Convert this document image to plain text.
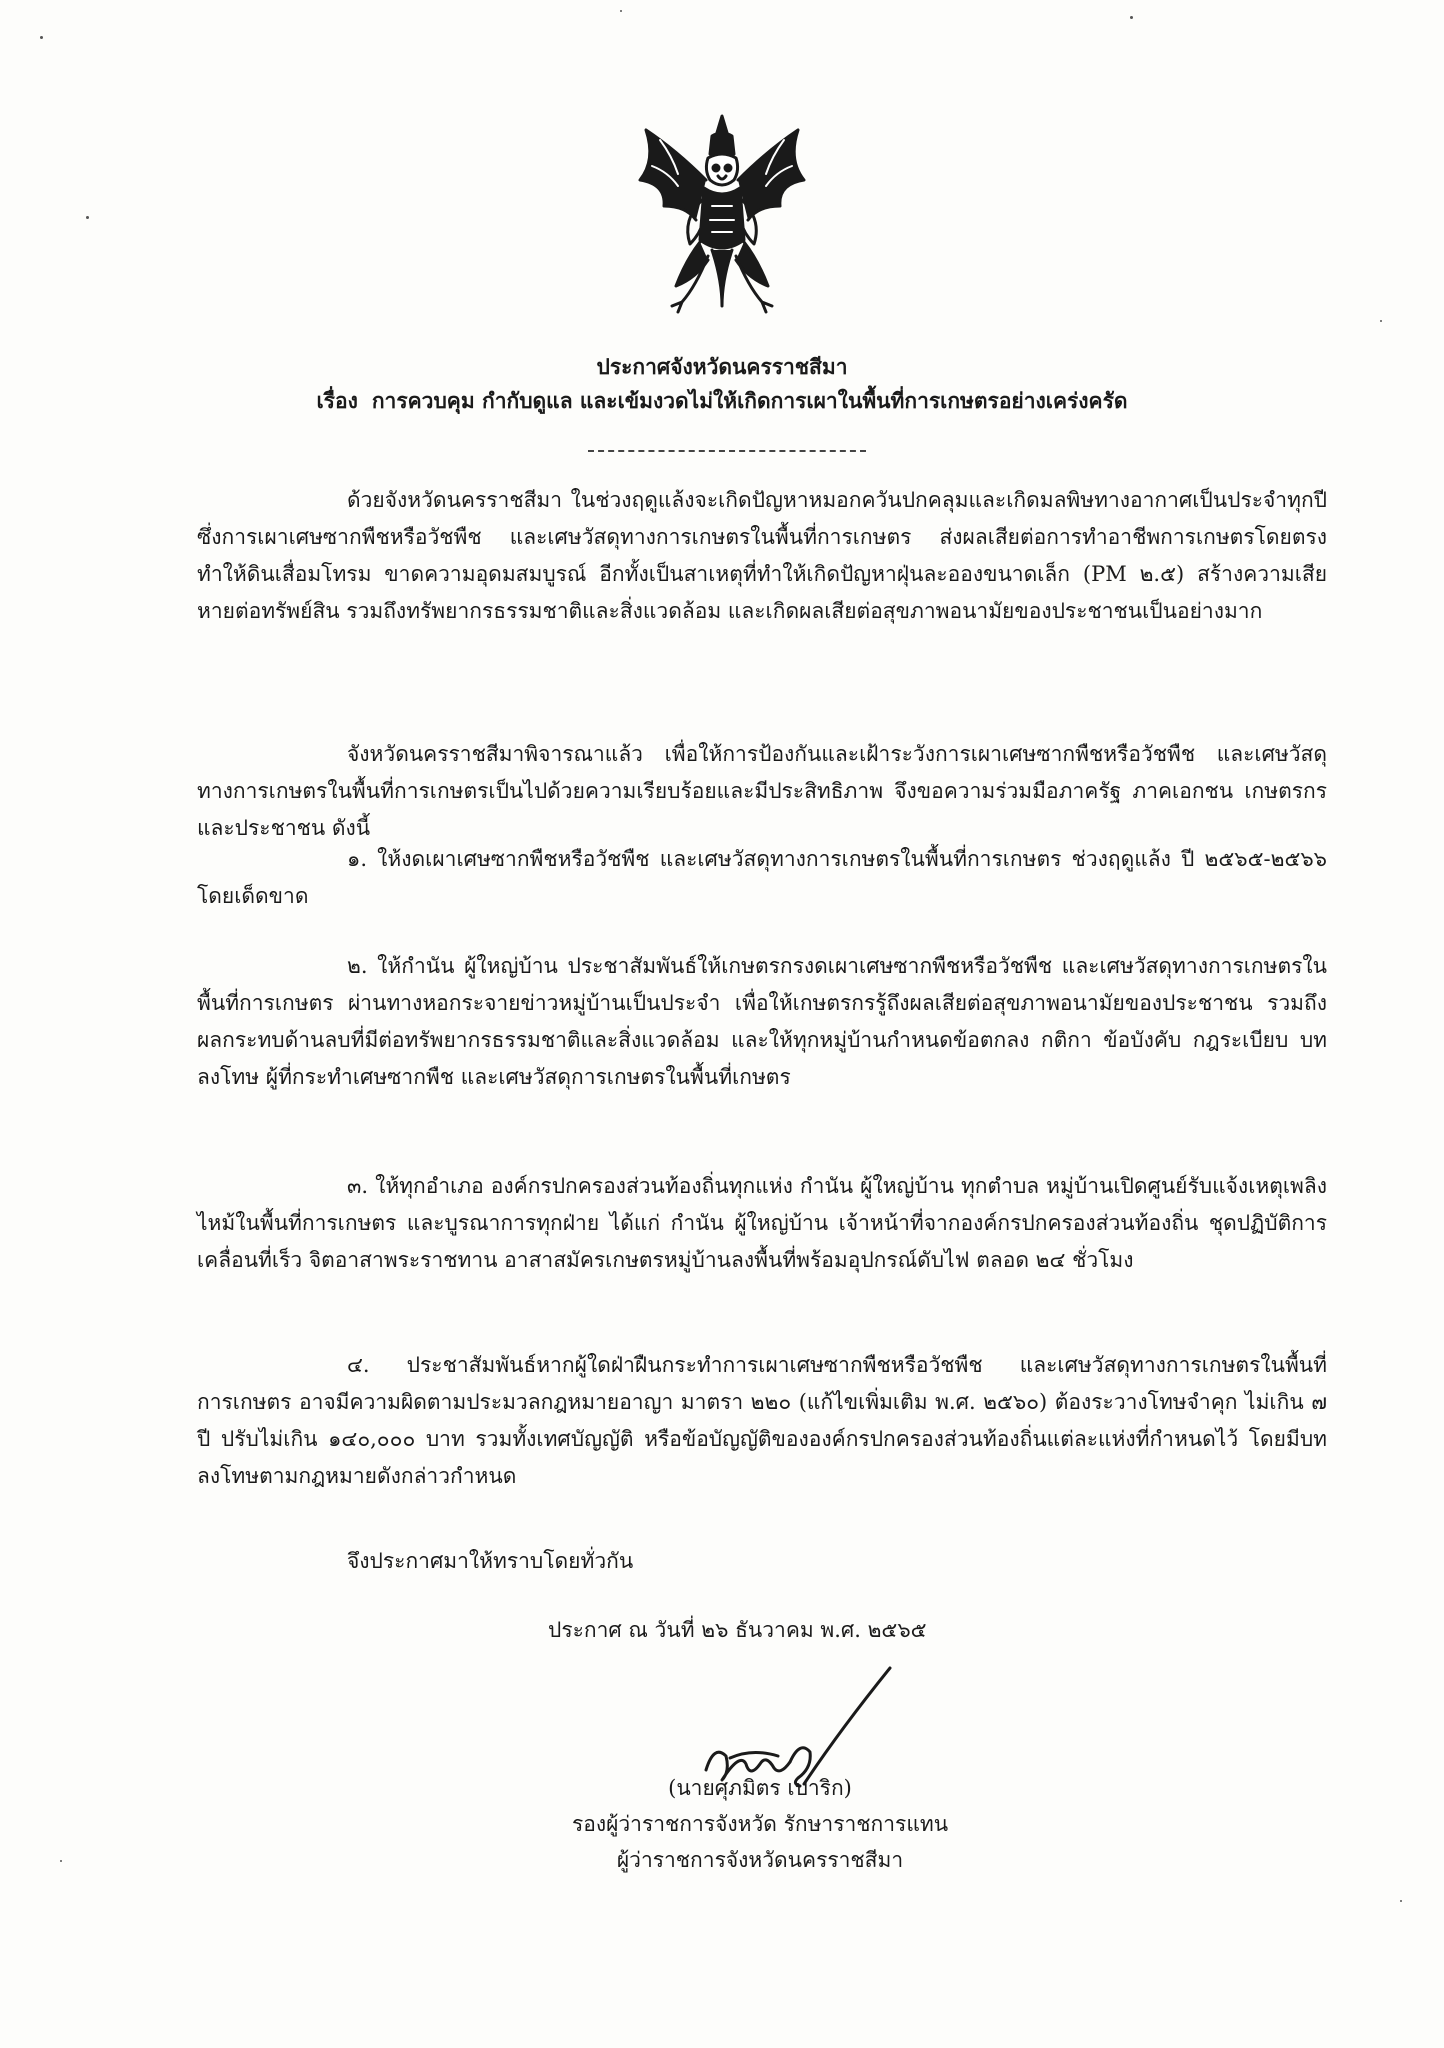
ประกาศจังหวัดนครราชสีมา

เรื่อง การควบคุม กำกับดูแล และเข้มงวดไม่ให้เกิดการเผาในพื้นที่การเกษตรอย่างเคร่งครัด

ด้วยจังหวัดนครราชสีมา ในช่วงฤดูแล้งจะเกิดปัญหาหมอกควันปกคลุมและเกิดมลพิษทางอากาศเป็นประจำทุกปี ซึ่งการเผาเศษซากพืชหรือวัชพืช และเศษวัสดุทางการเกษตรในพื้นที่การเกษตร ส่งผลเสียต่อการทำอาชีพการเกษตรโดยตรง ทำให้ดินเสื่อมโทรม ขาดความอุดมสมบูรณ์ อีกทั้งเป็นสาเหตุที่ทำให้เกิดปัญหาฝุ่นละอองขนาดเล็ก (PM ๒.๕) สร้างความเสียหายต่อทรัพย์สิน รวมถึงทรัพยากรธรรมชาติและสิ่งแวดล้อม และเกิดผลเสียต่อสุขภาพอนามัยของประชาชนเป็นอย่างมาก

จังหวัดนครราชสีมาพิจารณาแล้ว เพื่อให้การป้องกันและเฝ้าระวังการเผาเศษซากพืชหรือวัชพืช และเศษวัสดุทางการเกษตรในพื้นที่การเกษตรเป็นไปด้วยความเรียบร้อยและมีประสิทธิภาพ จึงขอความร่วมมือภาครัฐ ภาคเอกชน เกษตรกร และประชาชน ดังนี้

๑. ให้งดเผาเศษซากพืชหรือวัชพืช และเศษวัสดุทางการเกษตรในพื้นที่การเกษตร ช่วงฤดูแล้ง ปี ๒๕๖๕-๒๕๖๖ โดยเด็ดขาด

๒. ให้กำนัน ผู้ใหญ่บ้าน ประชาสัมพันธ์ให้เกษตรกรงดเผาเศษซากพืชหรือวัชพืช และเศษวัสดุทางการเกษตรในพื้นที่การเกษตร ผ่านทางหอกระจายข่าวหมู่บ้านเป็นประจำ เพื่อให้เกษตรกรรู้ถึงผลเสียต่อสุขภาพอนามัยของประชาชน รวมถึงผลกระทบด้านลบที่มีต่อทรัพยากรธรรมชาติและสิ่งแวดล้อม และให้ทุกหมู่บ้านกำหนดข้อตกลง กติกา ข้อบังคับ กฎระเบียบ บทลงโทษ ผู้ที่กระทำเศษซากพืช และเศษวัสดุการเกษตรในพื้นที่เกษตร

๓. ให้ทุกอำเภอ องค์กรปกครองส่วนท้องถิ่นทุกแห่ง กำนัน ผู้ใหญ่บ้าน ทุกตำบล หมู่บ้านเปิดศูนย์รับแจ้งเหตุเพลิงไหม้ในพื้นที่การเกษตร และบูรณาการทุกฝ่าย ได้แก่ กำนัน ผู้ใหญ่บ้าน เจ้าหน้าที่จากองค์กรปกครองส่วนท้องถิ่น ชุดปฏิบัติการเคลื่อนที่เร็ว จิตอาสาพระราชทาน อาสาสมัครเกษตรหมู่บ้านลงพื้นที่พร้อมอุปกรณ์ดับไฟ ตลอด ๒๔ ชั่วโมง

๔. ประชาสัมพันธ์หากผู้ใดฝ่าฝืนกระทำการเผาเศษซากพืชหรือวัชพืช และเศษวัสดุทางการเกษตรในพื้นที่การเกษตร อาจมีความผิดตามประมวลกฎหมายอาญา มาตรา ๒๒๐ (แก้ไขเพิ่มเติม พ.ศ. ๒๕๖๐) ต้องระวางโทษจำคุก ไม่เกิน ๗ ปี ปรับไม่เกิน ๑๔๐,๐๐๐ บาท รวมทั้งเทศบัญญัติ หรือข้อบัญญัติขององค์กรปกครองส่วนท้องถิ่นแต่ละแห่งที่กำหนดไว้ โดยมีบทลงโทษตามกฎหมายดังกล่าวกำหนด

จึงประกาศมาให้ทราบโดยทั่วกัน

ประกาศ ณ วันที่ ๒๖ ธันวาคม พ.ศ. ๒๕๖๕

(นายศุภมิตร เปาริก)
รองผู้ว่าราชการจังหวัด รักษาราชการแทน
ผู้ว่าราชการจังหวัดนครราชสีมา
